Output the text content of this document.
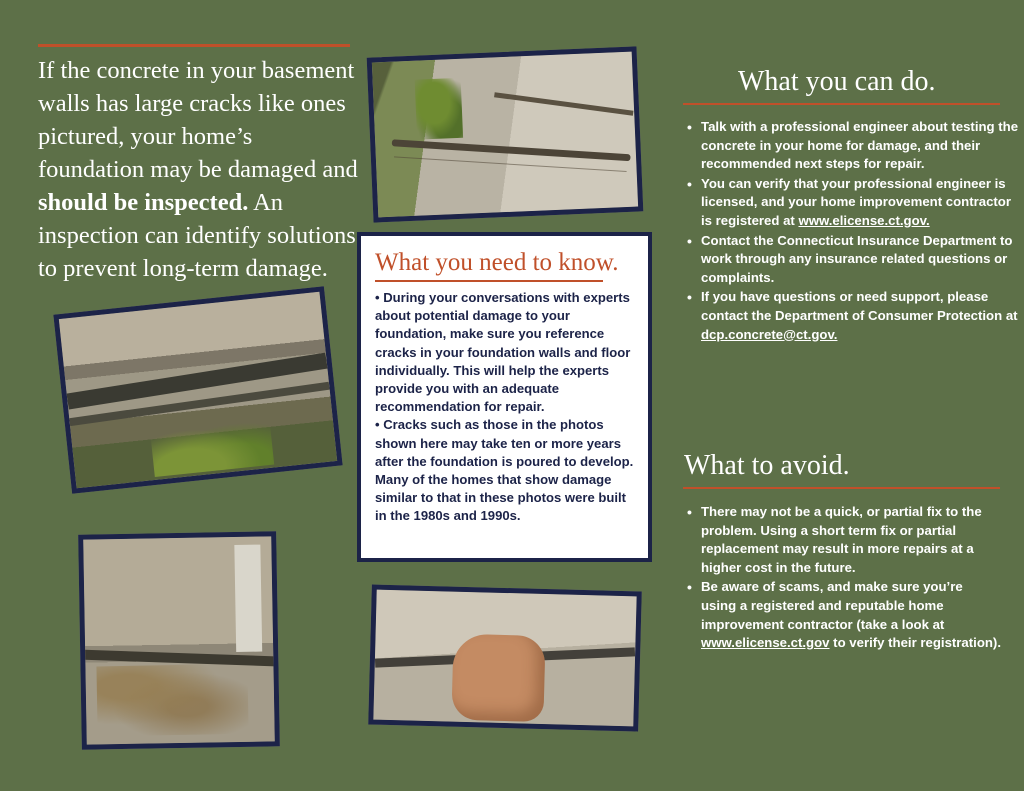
If the concrete in your basement walls has large cracks like ones pictured, your home’s foundation may be damaged and should be inspected. An inspection can identify solutions to prevent long-term damage.	What you need to know.

• During your conversations with experts about potential damage to your foundation, make sure you reference cracks in your foundation walls and floor individually. This will help the experts provide you with an adequate recommendation for repair.

• Cracks such as those in the photos shown here may take ten or more years after the foundation is poured to develop. Many of the homes that show damage similar to that in these photos were built in the 1980s and 1990s.

What you can do.
• Talk with a professional engineer about testing the concrete in your home for damage, and their recommended next steps for repair.
• You can verify that your professional engineer is licensed, and your home improvement contractor is registered at www.elicense.ct.gov.
• Contact the Connecticut Insurance Department to work through any insurance related questions or complaints.
• If you have questions or need support, please contact the Department of Consumer Protection at dcp.concrete@ct.gov.
What to avoid.
• There may not be a quick, or partial fix to the problem. Using a short term fix or partial replacement may result in more repairs at a higher cost in the future.
• Be aware of scams, and make sure you’re using a registered and reputable home improvement contractor (take a look at www.elicense.ct.gov to verify their registration).
